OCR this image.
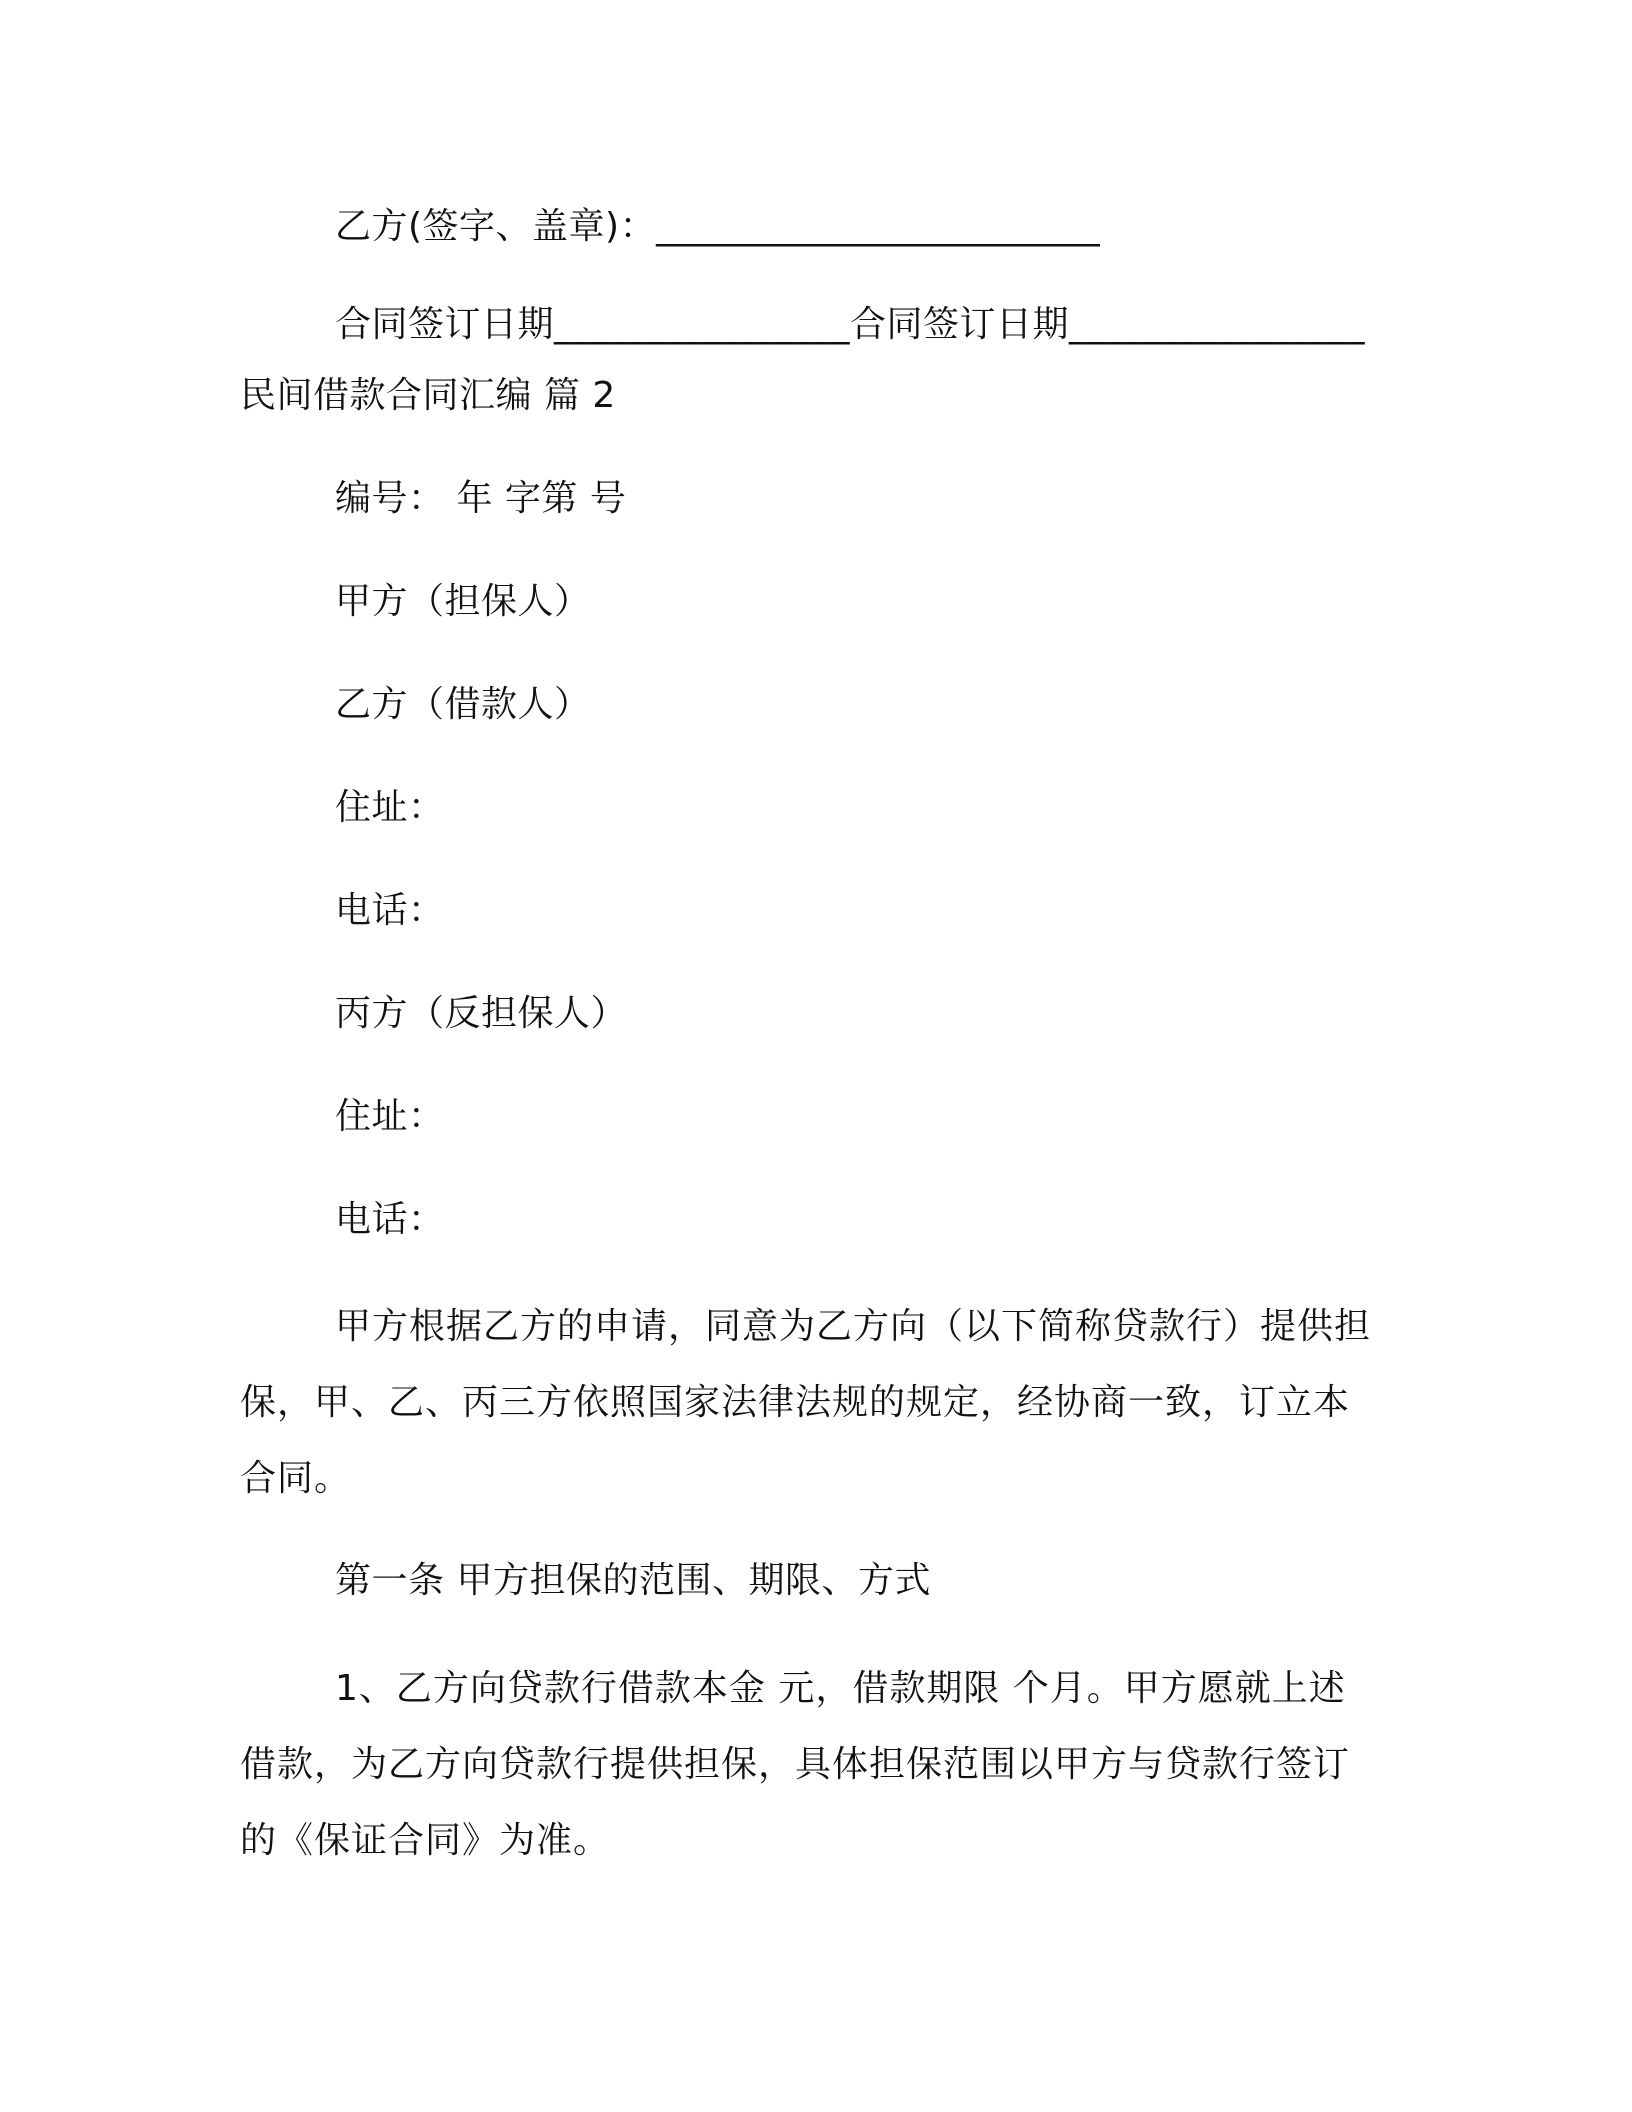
乙方(签字、盖章)：________________________
合同签订日期________________合同签订日期________________
民间借款合同汇编 篇 2
编号： 年 字第 号
甲方（担保人）
乙方（借款人）
住址：
电话：
丙方（反担保人）
住址：
电话：
甲方根据乙方的申请，同意为乙方向（以下简称贷款行）提供担保，甲、乙、丙三方依照国家法律法规的规定，经协商一致，订立本合同。
第一条 甲方担保的范围、期限、方式
1、乙方向贷款行借款本金 元，借款期限 个月。甲方愿就上述借款，为乙方向贷款行提供担保，具体担保范围以甲方与贷款行签订的《保证合同》为准。
